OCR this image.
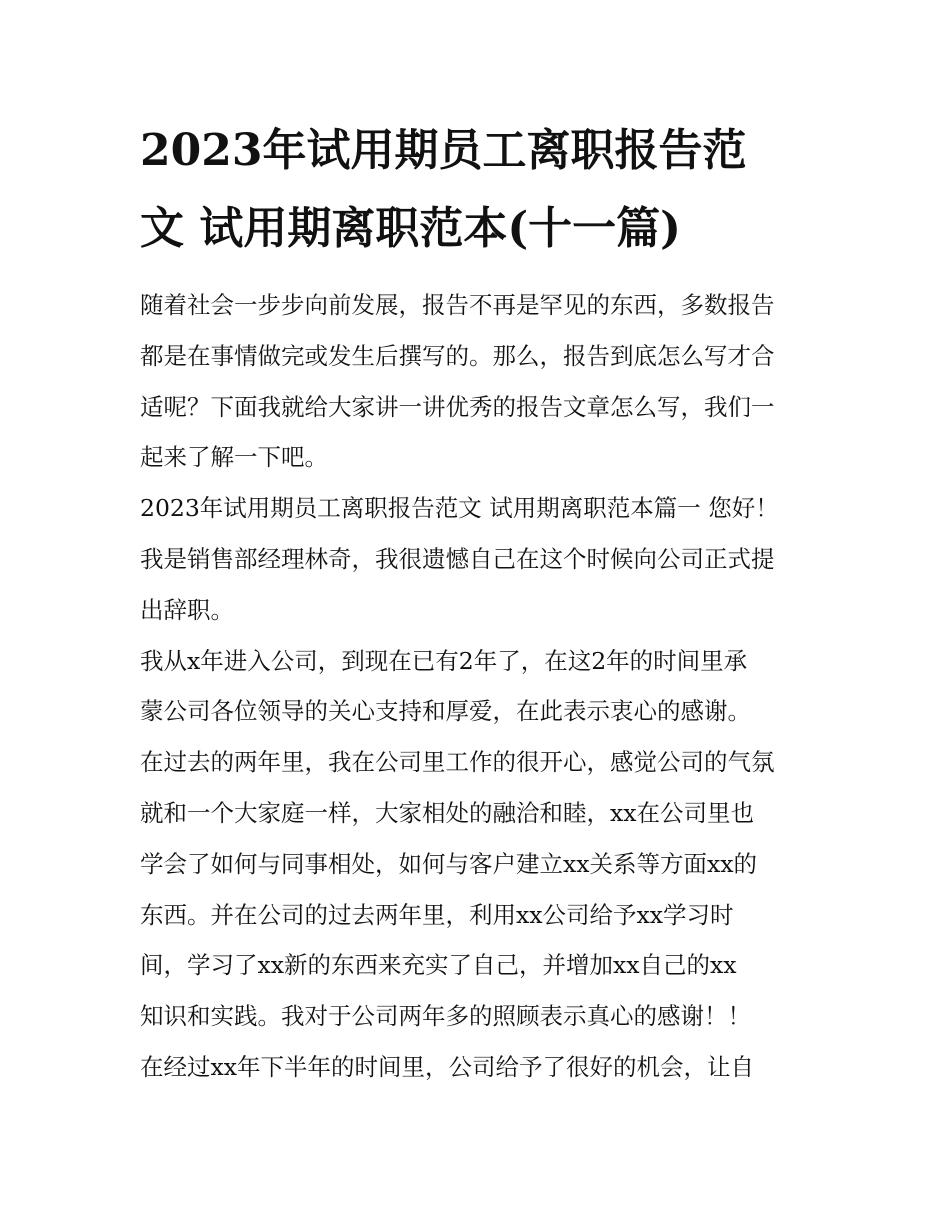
2023年试用期员工离职报告范
文 试用期离职范本(十一篇)
随着社会一步步向前发展，报告不再是罕见的东西，多数报告
都是在事情做完或发生后撰写的。那么，报告到底怎么写才合
适呢？下面我就给大家讲一讲优秀的报告文章怎么写，我们一
起来了解一下吧。
2023年试用期员工离职报告范文 试用期离职范本篇一 您好！
我是销售部经理林奇，我很遗憾自己在这个时候向公司正式提
出辞职。
我从x年进入公司，到现在已有2年了，在这2年的时间里承
蒙公司各位领导的关心支持和厚爱，在此表示衷心的感谢。
在过去的两年里，我在公司里工作的很开心，感觉公司的气氛
就和一个大家庭一样，大家相处的融洽和睦，xx在公司里也
学会了如何与同事相处，如何与客户建立xx关系等方面xx的
东西。并在公司的过去两年里，利用xx公司给予xx学习时
间，学习了xx新的东西来充实了自己，并增加xx自己的xx
知识和实践。我对于公司两年多的照顾表示真心的感谢！！
在经过xx年下半年的时间里，公司给予了很好的机会，让自
